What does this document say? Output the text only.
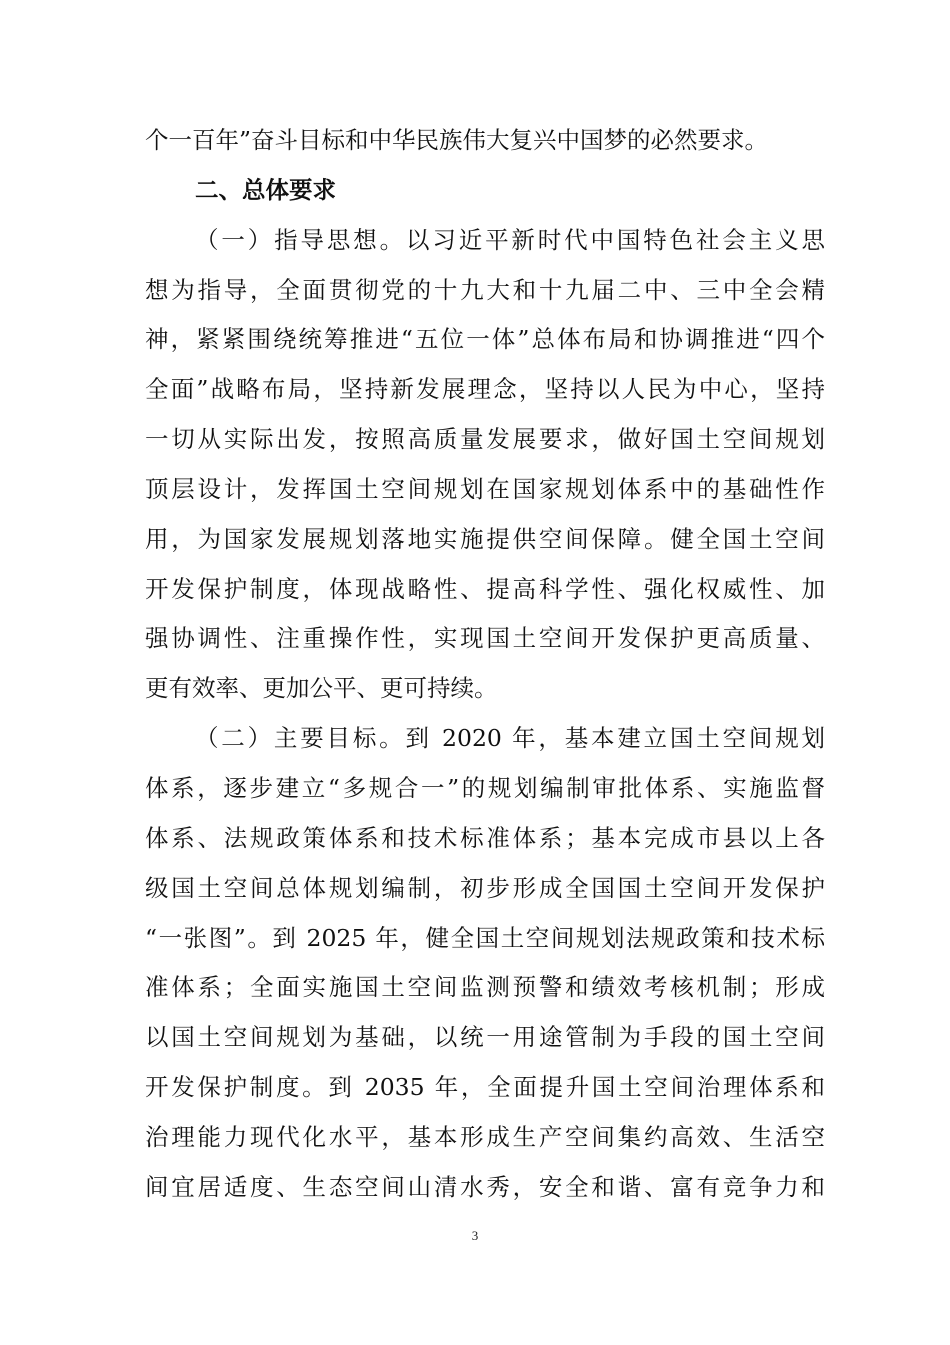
个一百年”奋斗目标和中华民族伟大复兴中国梦的必然要求。
二、总体要求
（一）指导思想。以习近平新时代中国特色社会主义思
想为指导，全面贯彻党的十九大和十九届二中、三中全会精
神，紧紧围绕统筹推进“五位一体”总体布局和协调推进“四个
全面”战略布局，坚持新发展理念，坚持以人民为中心，坚持
一切从实际出发，按照高质量发展要求，做好国土空间规划
顶层设计，发挥国土空间规划在国家规划体系中的基础性作
用，为国家发展规划落地实施提供空间保障。健全国土空间
开发保护制度，体现战略性、提高科学性、强化权威性、加
强协调性、注重操作性，实现国土空间开发保护更高质量、
更有效率、更加公平、更可持续。
（二）主要目标。到 2020 年，基本建立国土空间规划
体系，逐步建立“多规合一”的规划编制审批体系、实施监督
体系、法规政策体系和技术标准体系；基本完成市县以上各
级国土空间总体规划编制，初步形成全国国土空间开发保护
“一张图”。到 2025 年，健全国土空间规划法规政策和技术标
准体系；全面实施国土空间监测预警和绩效考核机制；形成
以国土空间规划为基础，以统一用途管制为手段的国土空间
开发保护制度。到 2035 年，全面提升国土空间治理体系和
治理能力现代化水平，基本形成生产空间集约高效、生活空
间宜居适度、生态空间山清水秀，安全和谐、富有竞争力和
3
